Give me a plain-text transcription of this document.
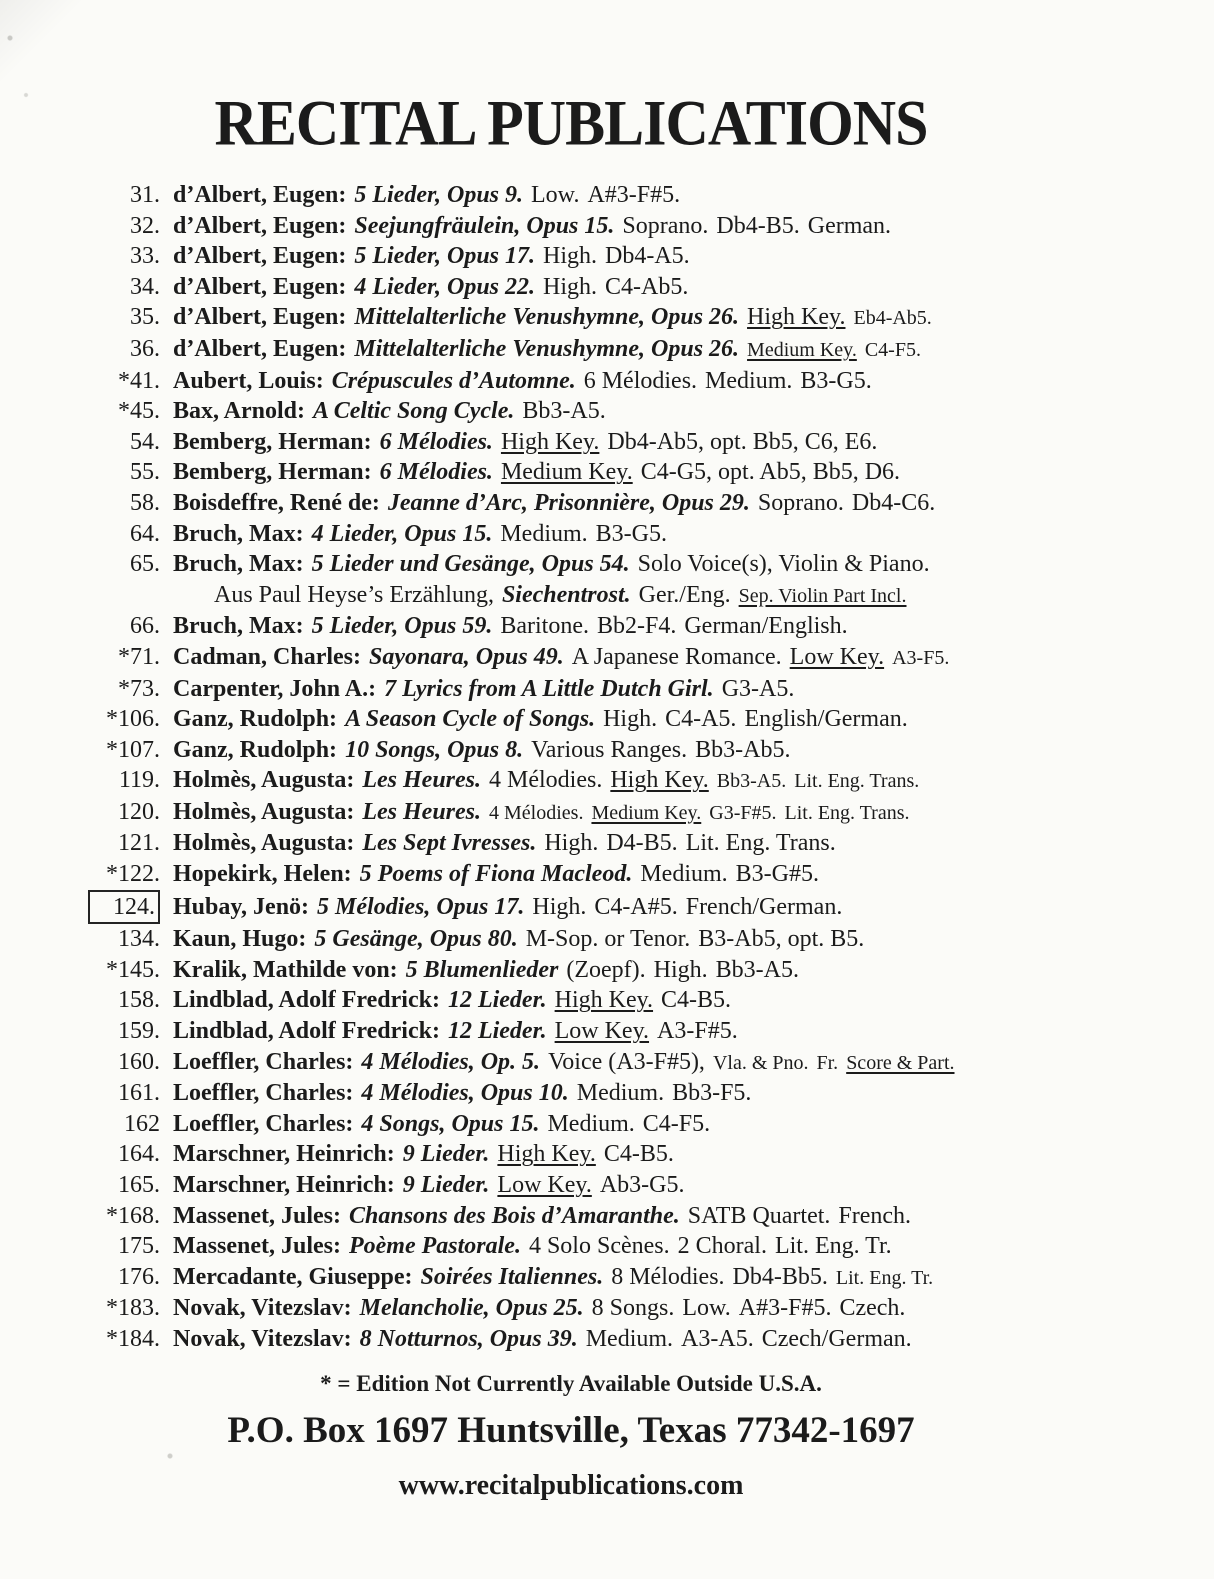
RECITAL PUBLICATIONS
31. d’Albert, Eugen: 5 Lieder, Opus 9. Low. A#3-F#5.
32. d’Albert, Eugen: Seejungfräulein, Opus 15. Soprano. Db4-B5. German.
33. d’Albert, Eugen: 5 Lieder, Opus 17. High. Db4-A5.
34. d’Albert, Eugen: 4 Lieder, Opus 22. High. C4-Ab5.
35. d’Albert, Eugen: Mittelalterliche Venushymne, Opus 26. High Key. Eb4-Ab5.
36. d’Albert, Eugen: Mittelalterliche Venushymne, Opus 26. Medium Key. C4-F5.
*41. Aubert, Louis: Crépuscules d’Automne. 6 Mélodies. Medium. B3-G5.
*45. Bax, Arnold: A Celtic Song Cycle. Bb3-A5.
54. Bemberg, Herman: 6 Mélodies. High Key. Db4-Ab5, opt. Bb5, C6, E6.
55. Bemberg, Herman: 6 Mélodies. Medium Key. C4-G5, opt. Ab5, Bb5, D6.
58. Boisdeffre, René de: Jeanne d’Arc, Prisonnière, Opus 29. Soprano. Db4-C6.
64. Bruch, Max: 4 Lieder, Opus 15. Medium. B3-G5.
65. Bruch, Max: 5 Lieder und Gesänge, Opus 54. Solo Voice(s), Violin & Piano.
Aus Paul Heyse’s Erzählung, Siechentrost. Ger./Eng. Sep. Violin Part Incl.
66. Bruch, Max: 5 Lieder, Opus 59. Baritone. Bb2-F4. German/English.
*71. Cadman, Charles: Sayonara, Opus 49. A Japanese Romance. Low Key. A3-F5.
*73. Carpenter, John A.: 7 Lyrics from A Little Dutch Girl. G3-A5.
*106. Ganz, Rudolph: A Season Cycle of Songs. High. C4-A5. English/German.
*107. Ganz, Rudolph: 10 Songs, Opus 8. Various Ranges. Bb3-Ab5.
119. Holmès, Augusta: Les Heures. 4 Mélodies. High Key. Bb3-A5. Lit. Eng. Trans.
120. Holmès, Augusta: Les Heures. 4 Mélodies. Medium Key. G3-F#5. Lit. Eng. Trans.
121. Holmès, Augusta: Les Sept Ivresses. High. D4-B5. Lit. Eng. Trans.
*122. Hopekirk, Helen: 5 Poems of Fiona Macleod. Medium. B3-G#5.
124. Hubay, Jenö: 5 Mélodies, Opus 17. High. C4-A#5. French/German.
134. Kaun, Hugo: 5 Gesänge, Opus 80. M-Sop. or Tenor. B3-Ab5, opt. B5.
*145. Kralik, Mathilde von: 5 Blumenlieder (Zoepf). High. Bb3-A5.
158. Lindblad, Adolf Fredrick: 12 Lieder. High Key. C4-B5.
159. Lindblad, Adolf Fredrick: 12 Lieder. Low Key. A3-F#5.
160. Loeffler, Charles: 4 Mélodies, Op. 5. Voice (A3-F#5), Vla. & Pno. Fr. Score & Part.
161. Loeffler, Charles: 4 Mélodies, Opus 10. Medium. Bb3-F5.
162 Loeffler, Charles: 4 Songs, Opus 15. Medium. C4-F5.
164. Marschner, Heinrich: 9 Lieder. High Key. C4-B5.
165. Marschner, Heinrich: 9 Lieder. Low Key. Ab3-G5.
*168. Massenet, Jules: Chansons des Bois d’Amaranthe. SATB Quartet. French.
175. Massenet, Jules: Poème Pastorale. 4 Solo Scènes. 2 Choral. Lit. Eng. Tr.
176. Mercadante, Giuseppe: Soirées Italiennes. 8 Mélodies. Db4-Bb5. Lit. Eng. Tr.
*183. Novak, Vitezslav: Melancholie, Opus 25. 8 Songs. Low. A#3-F#5. Czech.
*184. Novak, Vitezslav: 8 Notturnos, Opus 39. Medium. A3-A5. Czech/German.
* = Edition Not Currently Available Outside U.S.A.
P.O. Box 1697 Huntsville, Texas 77342-1697
www.recitalpublications.com
